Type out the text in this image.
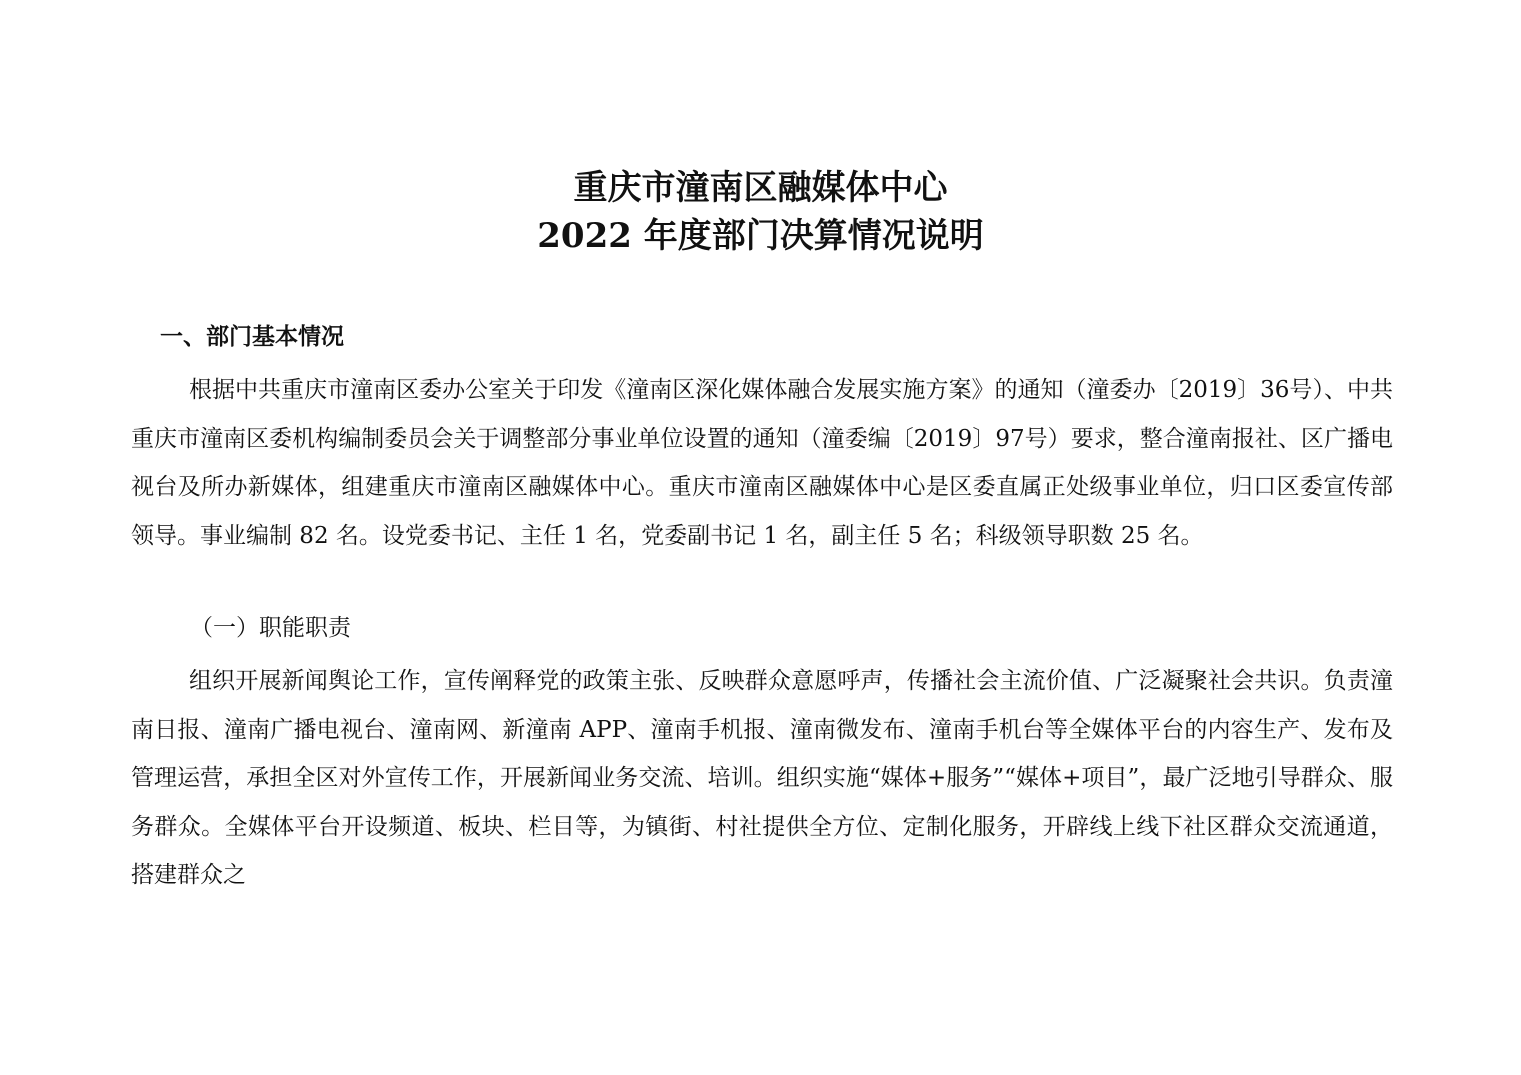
重庆市潼南区融媒体中心
2022 年度部门决算情况说明
一、部门基本情况

根据中共重庆市潼南区委办公室关于印发《潼南区深化媒体融合发展实施方案》的通知（潼委办〔2019〕36号）、中共重庆市潼南区委机构编制委员会关于调整部分事业单位设置的通知（潼委编〔2019〕97号）要求，整合潼南报社、区广播电视台及所办新媒体，组建重庆市潼南区融媒体中心。重庆市潼南区融媒体中心是区委直属正处级事业单位，归口区委宣传部领导。事业编制 82 名。设党委书记、主任 1 名，党委副书记 1 名，副主任 5 名；科级领导职数 25 名。

（一）职能职责

组织开展新闻舆论工作，宣传阐释党的政策主张、反映群众意愿呼声，传播社会主流价值、广泛凝聚社会共识。负责潼南日报、潼南广播电视台、潼南网、新潼南 APP、潼南手机报、潼南微发布、潼南手机台等全媒体平台的内容生产、发布及管理运营，承担全区对外宣传工作，开展新闻业务交流、培训。组织实施“媒体+服务”“媒体+项目”，最广泛地引导群众、服务群众。全媒体平台开设频道、板块、栏目等，为镇街、村社提供全方位、定制化服务，开辟线上线下社区群众交流通道，搭建群众之
